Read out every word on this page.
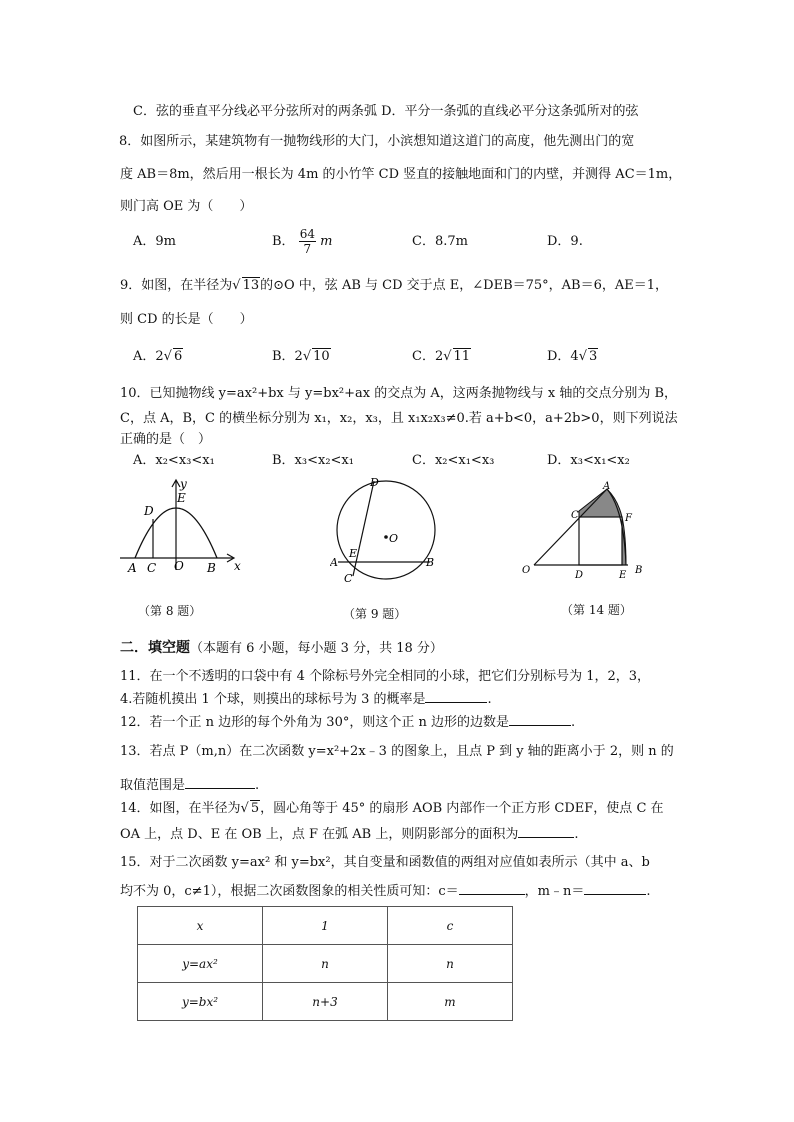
C．弦的垂直平分线必平分弦所对的两条弧 D．平分一条弧的直线必平分这条弧所对的弦
8．如图所示，某建筑物有一抛物线形的大门，小滨想知道这道门的高度，他先测出门的宽
度 AB＝8m，然后用一根长为 4m 的小竹竿 CD 竖直的接触地面和门的内壁，并测得 AC＝1m，
则门高 OE 为（　　）
A．9m	B． $\frac{64}{7}$ m	C．8.7m	D．9.
9．如图，在半径为√ 13的⊙O 中，弦 AB 与 CD 交于点 E，∠DEB＝75°，AB＝6，AE＝1，
则 CD 的长是（　　）
A．2√ 6	B．2√ 10	C．2√ 11	D．4√ 3
10．已知抛物线 y=ax²+bx 与 y=bx²+ax 的交点为 A，这两条抛物线与 x 轴的交点分别为 B，
C，点 A，B，C 的横坐标分别为 x₁，x₂，x₃，且 x₁x₂x₃≠0.若 a+b<0，a+2b>0，则下列说法
正确的是（　）
A．x₂<x₃<x₁	B．x₃<x₂<x₁	C．x₂<x₁<x₃	D．x₃<x₁<x₂
y
E
D
A C O B x
（第 8 题）
D
O
E
A	B
C
（第 9 题）
A
C	F
O	D	E B
（第 14 题）
二．填空题（本题有 6 小题，每小题 3 分，共 18 分）
11．在一个不透明的口袋中有 4 个除标号外完全相同的小球，把它们分别标号为 1，2，3，
4.若随机摸出 1 个球，则摸出的球标号为 3 的概率是	.
12．若一个正 n 边形的每个外角为 30°，则这个正 n 边形的边数是	.
13．若点 P（m,n）在二次函数 y=x²+2x﹣3 的图象上，且点 P 到 y 轴的距离小于 2，则 n 的
取值范围是	.
14．如图，在半径为√ 5，圆心角等于 45° 的扇形 AOB 内部作一个正方形 CDEF，使点 C 在
OA 上，点 D、E 在 OB 上，点 F 在弧 AB 上，则阴影部分的面积为	.
15．对于二次函数 y=ax² 和 y=bx²，其自变量和函数值的两组对应值如表所示（其中 a、b
均不为 0，c≠1），根据二次函数图象的相关性质可知：c＝	，m﹣n＝	.
x	1	c
y=ax²	n	n
y=bx²	n+3	m
